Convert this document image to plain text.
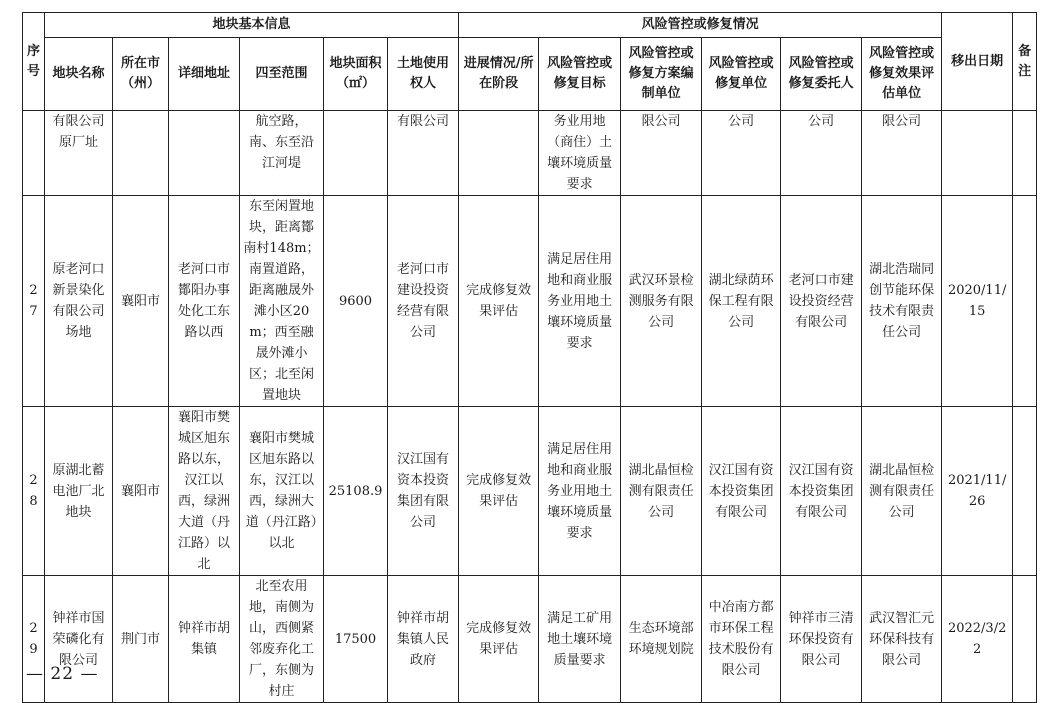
序号	地块基本信息						风险管控或修复情况						移出日期	备注
	地块名称	所在市（州）	详细地址	四至范围	地块面积（㎡）	土地使用权人	进展情况/所在阶段	风险管控或修复目标	风险管控或修复方案编制单位	风险管控或修复单位	风险管控或修复委托人	风险管控或修复效果评估单位		
	有限公司原厂址			航空路，南、东至沿江河堤		有限公司		务业用地（商住）土壤环境质量要求	限公司	公司	公司	限公司		
27	原老河口新景染化有限公司场地	襄阳市	老河口市鄼阳办事处化工东路以西	东至闲置地块，距离鄼南村148m；南置道路，距离融晟外滩小区20m；西至融晟外滩小区；北至闲置地块	9600	老河口市建设投资经营有限公司	完成修复效果评估	满足居住用地和商业服务业用地土壤环境质量要求	武汉环景检测服务有限公司	湖北绿荫环保工程有限公司	老河口市建设投资经营有限公司	湖北浩瑞同创节能环保技术有限责任公司	2020/11/15	
28	原湖北蓄电池厂北地块	襄阳市	襄阳市樊城区旭东路以东，汉江以西，绿洲大道（丹江路）以北	襄阳市樊城区旭东路以东，汉江以西，绿洲大道（丹江路）以北	25108.9	汉江国有资本投资集团有限公司	完成修复效果评估	满足居住用地和商业服务业用地土壤环境质量要求	湖北晶恒检测有限责任公司	汉江国有资本投资集团有限公司	汉江国有资本投资集团有限公司	湖北晶恒检测有限责任公司	2021/11/26	
29	钟祥市国荣磷化有限公司	荆门市	钟祥市胡集镇	北至农用地，南侧为山，西侧紧邻废弃化工厂，东侧为村庄	17500	钟祥市胡集镇人民政府	完成修复效果评估	满足工矿用地土壤环境质量要求	生态环境部环境规划院	中冶南方都市环保工程技术股份有限公司	钟祥市三清环保投资有限公司	武汉智汇元环保科技有限公司	2022/3/22	
— 22 —
